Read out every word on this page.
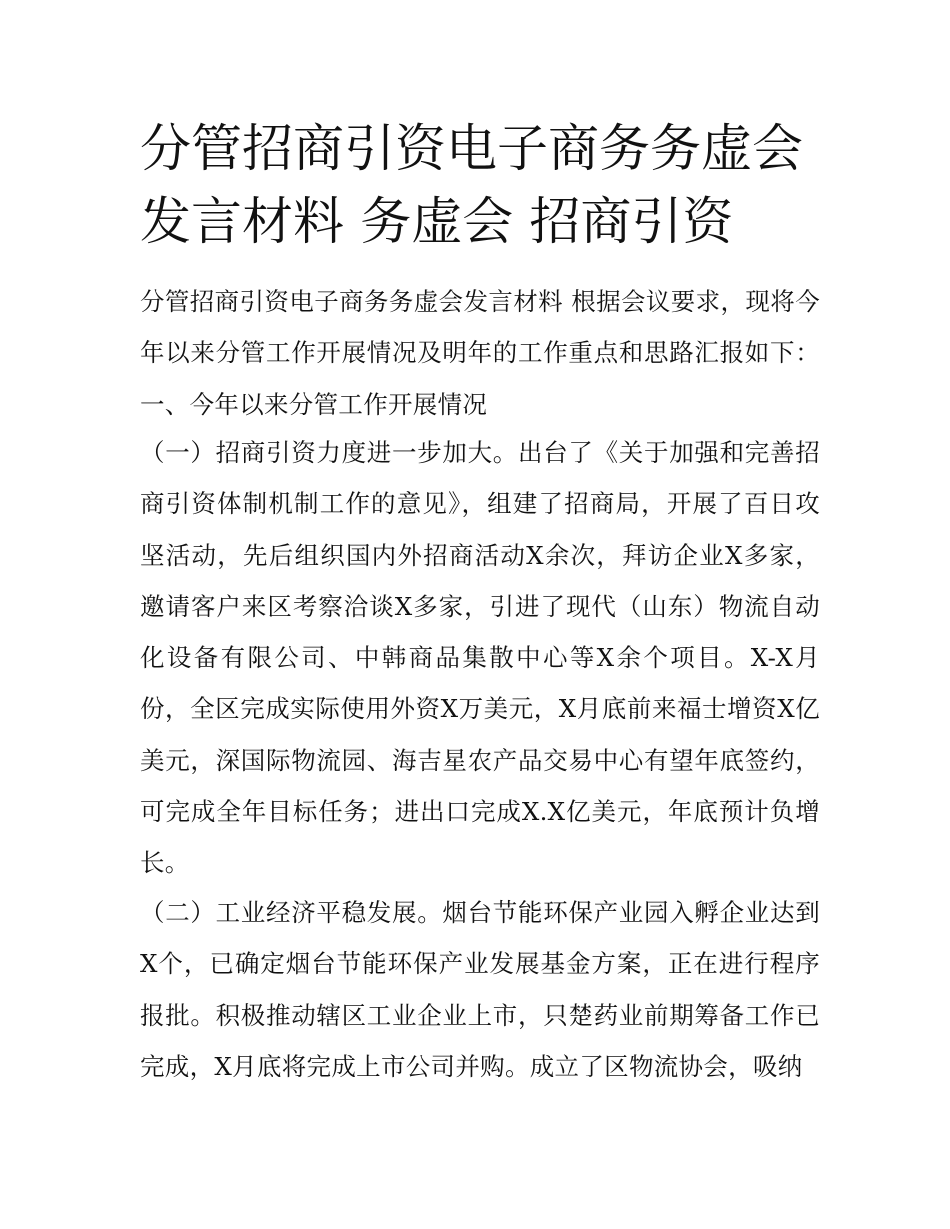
分管招商引资电子商务务虚会发言材料 务虚会 招商引资

分管招商引资电子商务务虚会发言材料 根据会议要求，现将今年以来分管工作开展情况及明年的工作重点和思路汇报如下： 一、今年以来分管工作开展情况

（一）招商引资力度进一步加大。出台了《关于加强和完善招商引资体制机制工作的意见》，组建了招商局，开展了百日攻坚活动，先后组织国内外招商活动X余次，拜访企业X多家，邀请客户来区考察洽谈X多家，引进了现代（山东）物流自动化设备有限公司、中韩商品集散中心等X余个项目。X-X月份，全区完成实际使用外资X万美元，X月底前来福士增资X亿美元，深国际物流园、海吉星农产品交易中心有望年底签约，可完成全年目标任务；进出口完成X.X亿美元，年底预计负增长。

（二）工业经济平稳发展。烟台节能环保产业园入孵企业达到X个，已确定烟台节能环保产业发展基金方案，正在进行程序报批。积极推动辖区工业企业上市，只楚药业前期筹备工作已完成，X月底将完成上市公司并购。成立了区物流协会，吸纳
